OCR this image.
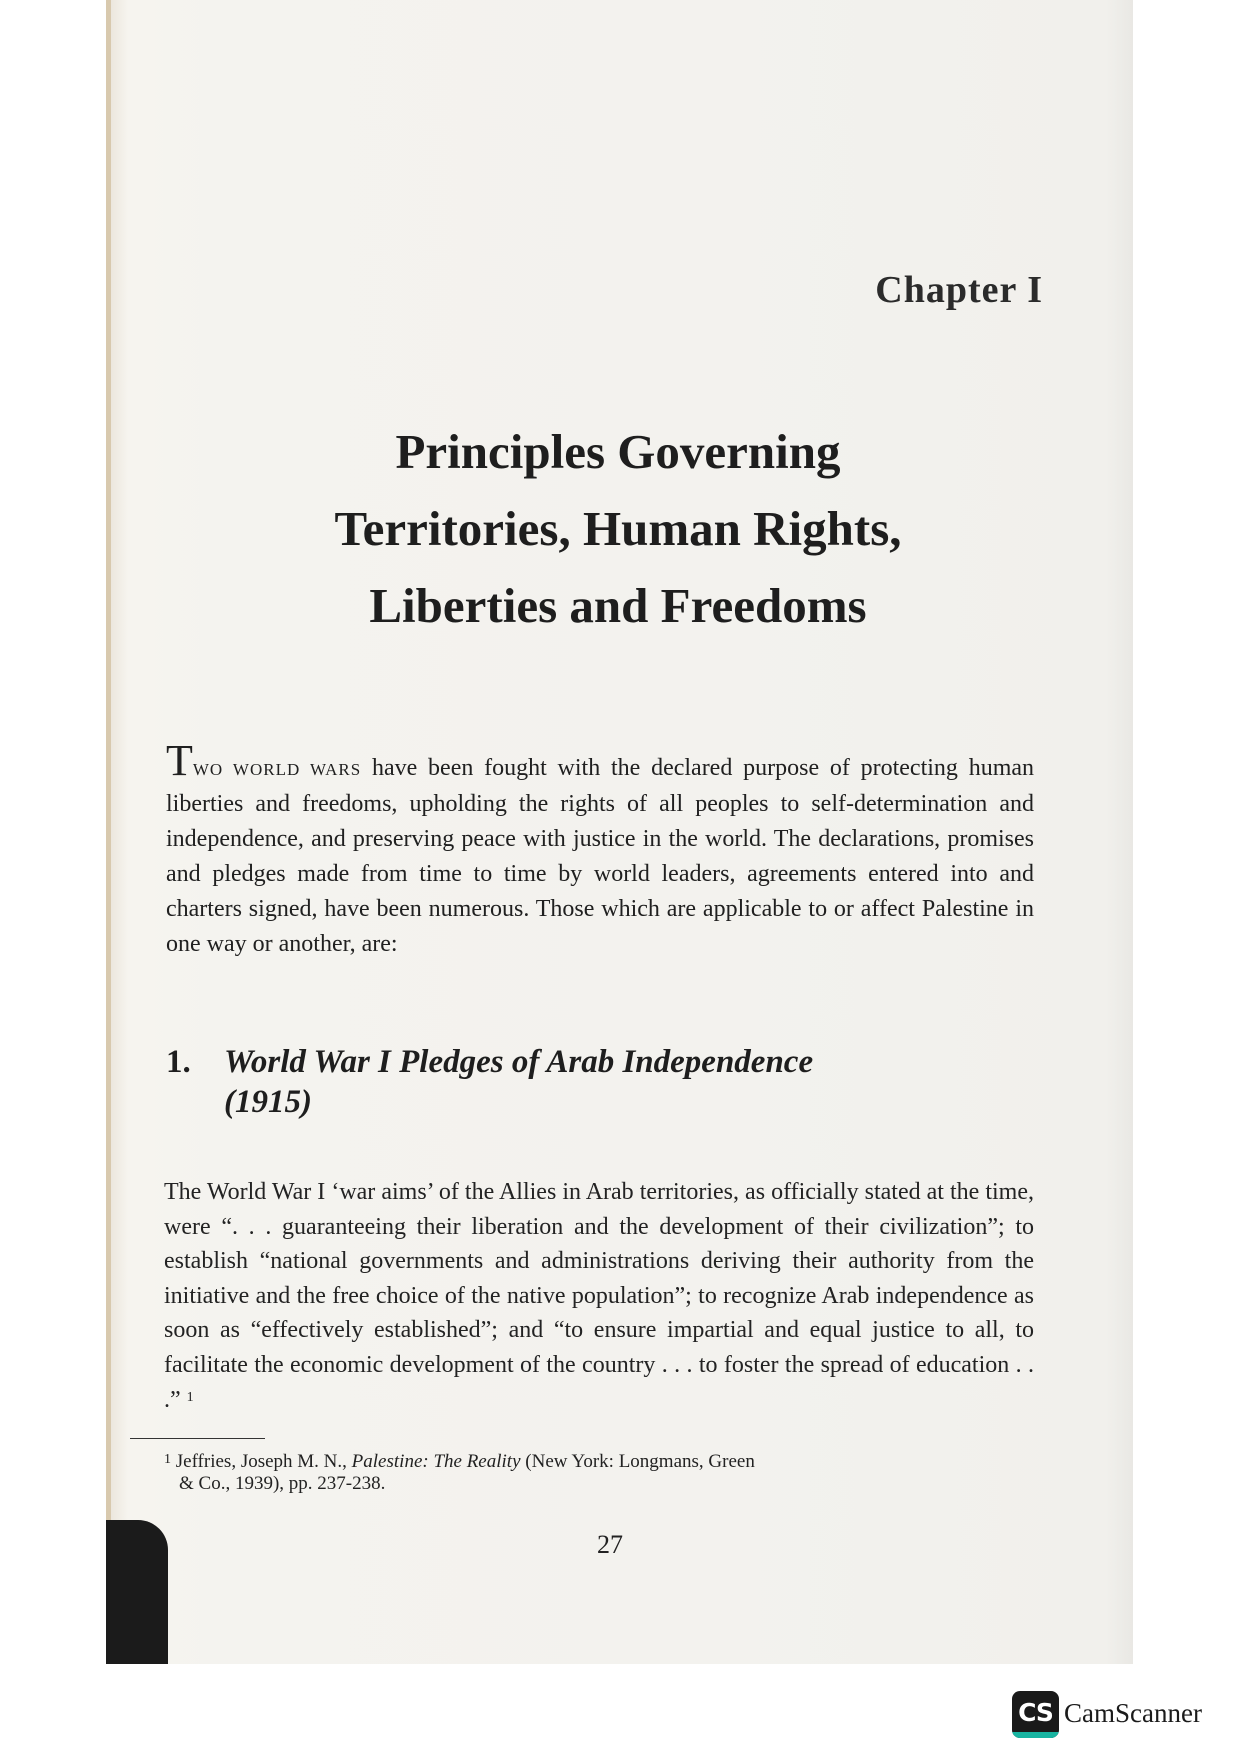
Chapter I
Principles Governing
Territories, Human Rights,
Liberties and Freedoms

TWO WORLD WARS have been fought with the declared purpose of protecting human liberties and freedoms, upholding the rights of all peoples to self-determination and independence, and preserving peace with justice in the world. The declarations, promises and pledges made from time to time by world leaders, agreements entered into and charters signed, have been numerous. Those which are applicable to or affect Palestine in one way or another, are:

1. World War I Pledges of Arab Independence (1915)

The World War I ‘war aims’ of the Allies in Arab territories, as officially stated at the time, were “. . . guaranteeing their liberation and the development of their civilization”; to establish “national governments and administrations deriving their authority from the initiative and the free choice of the native population”; to recognize Arab independence as soon as “effectively established”; and “to ensure impartial and equal justice to all, to facilitate the economic development of the country . . . to foster the spread of education . . .” $^1$

$^1$ Jeffries, Joseph M. N., Palestine: The Reality (New York: Longmans, Green
& Co., 1939), pp. 237-238.
27
CS CamScanner
